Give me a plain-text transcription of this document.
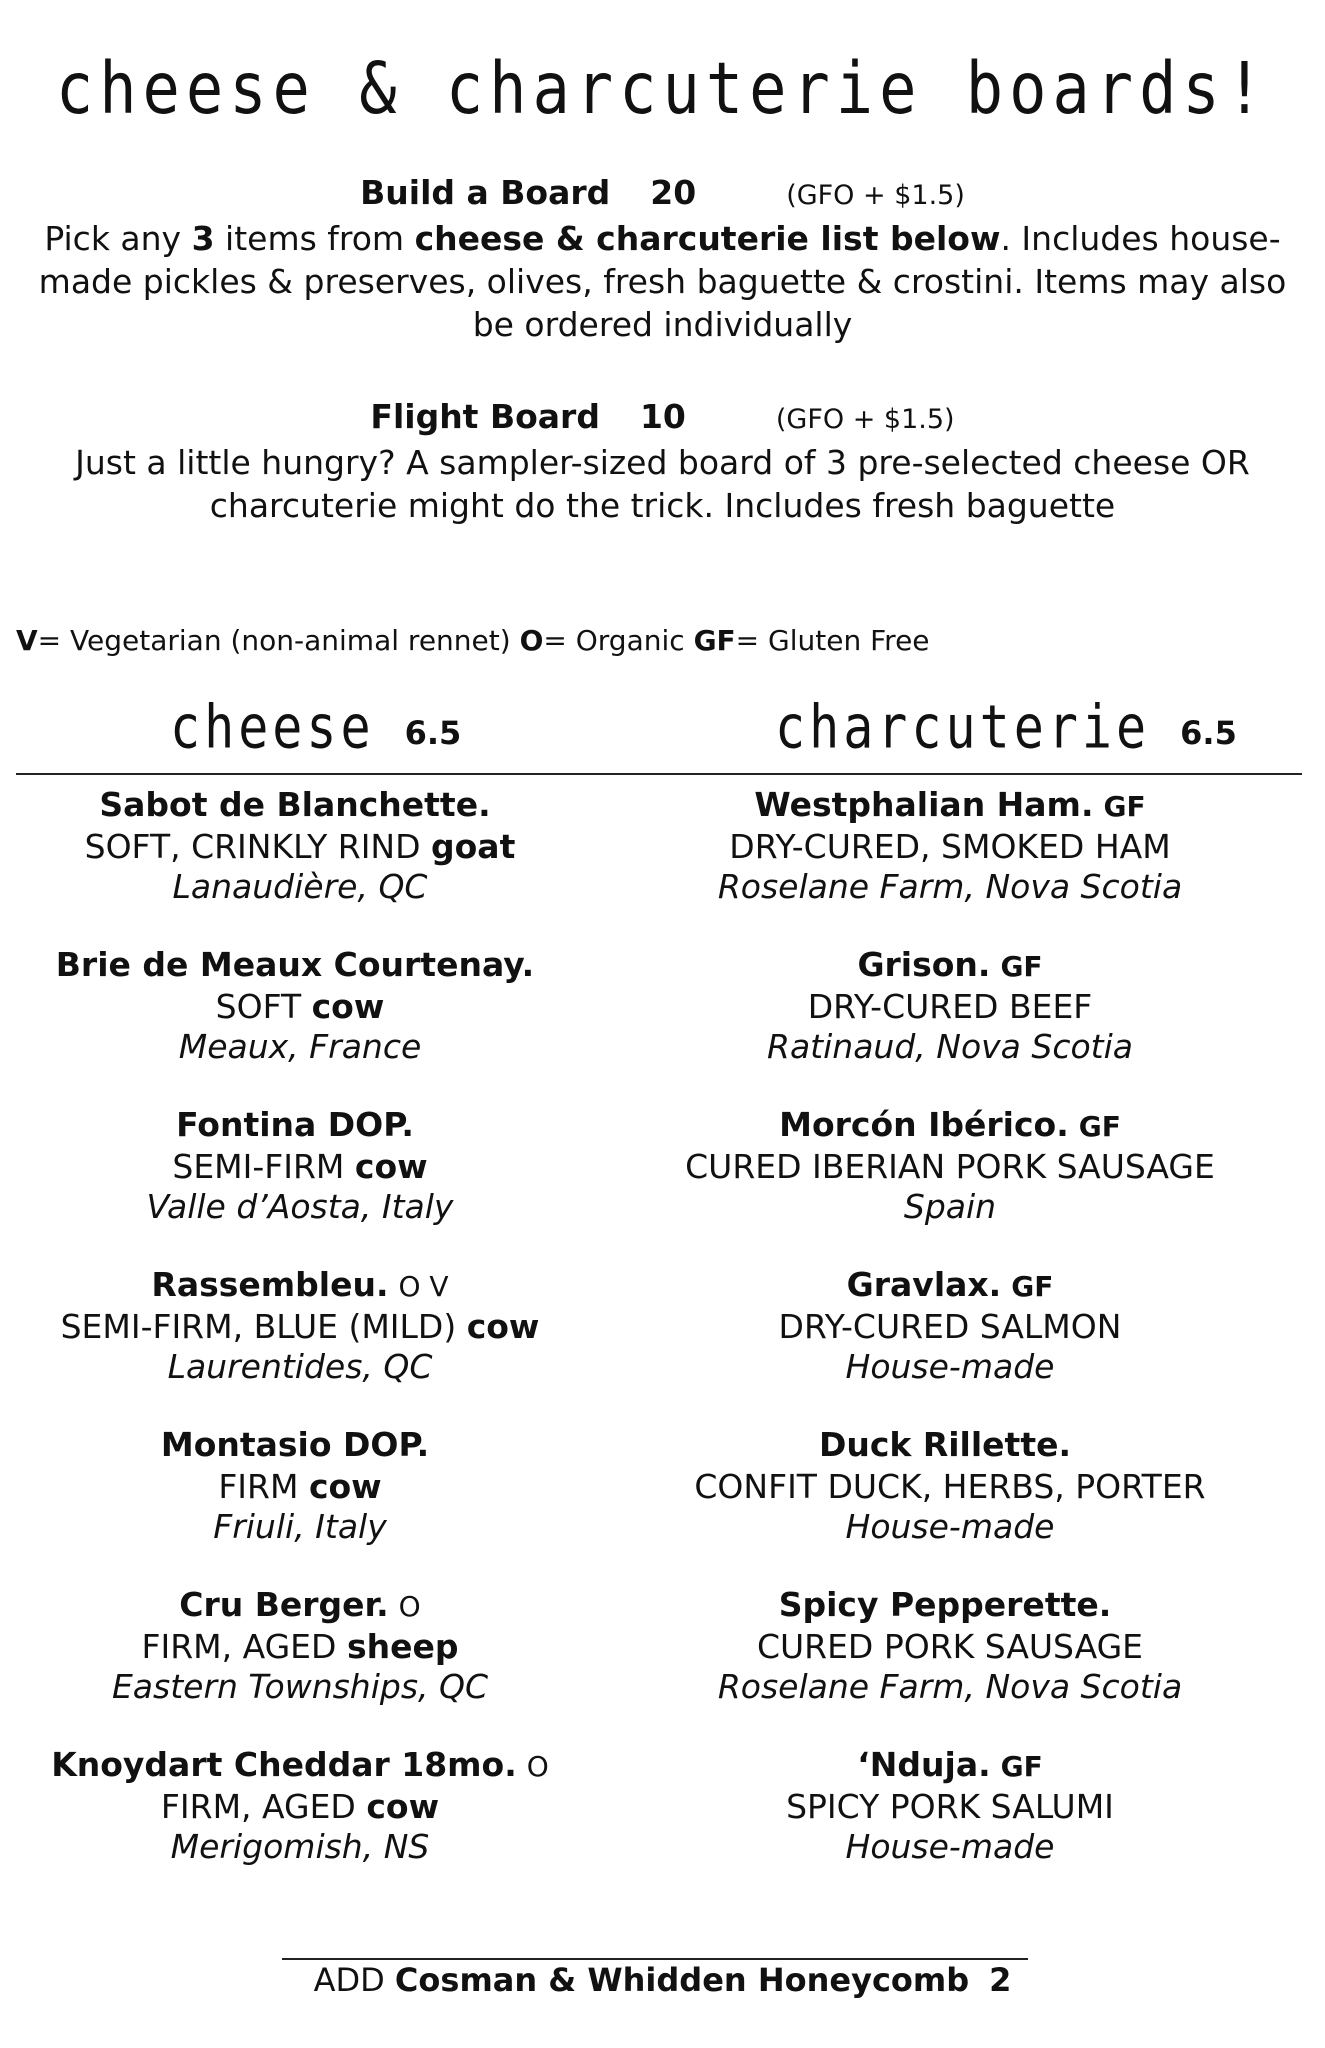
cheese & charcuterie boards!
Build a Board 20	(GFO + $1.5)
Pick any 3 items from cheese & charcuterie list below. Includes house-made pickles & preserves, olives, fresh baguette & crostini. Items may also be ordered individually
Flight Board 10	(GFO + $1.5)
Just a little hungry? A sampler-sized board of 3 pre-selected cheese OR charcuterie might do the trick. Includes fresh baguette
V= Vegetarian (non-animal rennet) O= Organic GF= Gluten Free
cheese 6.5	charcuterie 6.5
Sabot de Blanchette.
SOFT, CRINKLY RIND goat
Lanaudière, QC
Brie de Meaux Courtenay.
SOFT cow
Meaux, France
Fontina DOP.
SEMI-FIRM cow
Valle d’Aosta, Italy
Rassembleu. O V
SEMI-FIRM, BLUE (MILD) cow
Laurentides, QC
Montasio DOP.
FIRM cow
Friuli, Italy
Cru Berger. O
FIRM, AGED sheep
Eastern Townships, QC
Knoydart Cheddar 18mo. O
FIRM, AGED cow
Merigomish, NS
Westphalian Ham. GF
DRY-CURED, SMOKED HAM
Roselane Farm, Nova Scotia
Grison. GF
DRY-CURED BEEF
Ratinaud, Nova Scotia
Morcón Ibérico. GF
CURED IBERIAN PORK SAUSAGE
Spain
Gravlax. GF
DRY-CURED SALMON
House-made
Duck Rillette.
CONFIT DUCK, HERBS, PORTER
House-made
Spicy Pepperette.
CURED PORK SAUSAGE
Roselane Farm, Nova Scotia
‘Nduja. GF
SPICY PORK SALUMI
House-made
ADD Cosman & Whidden Honeycomb 2
